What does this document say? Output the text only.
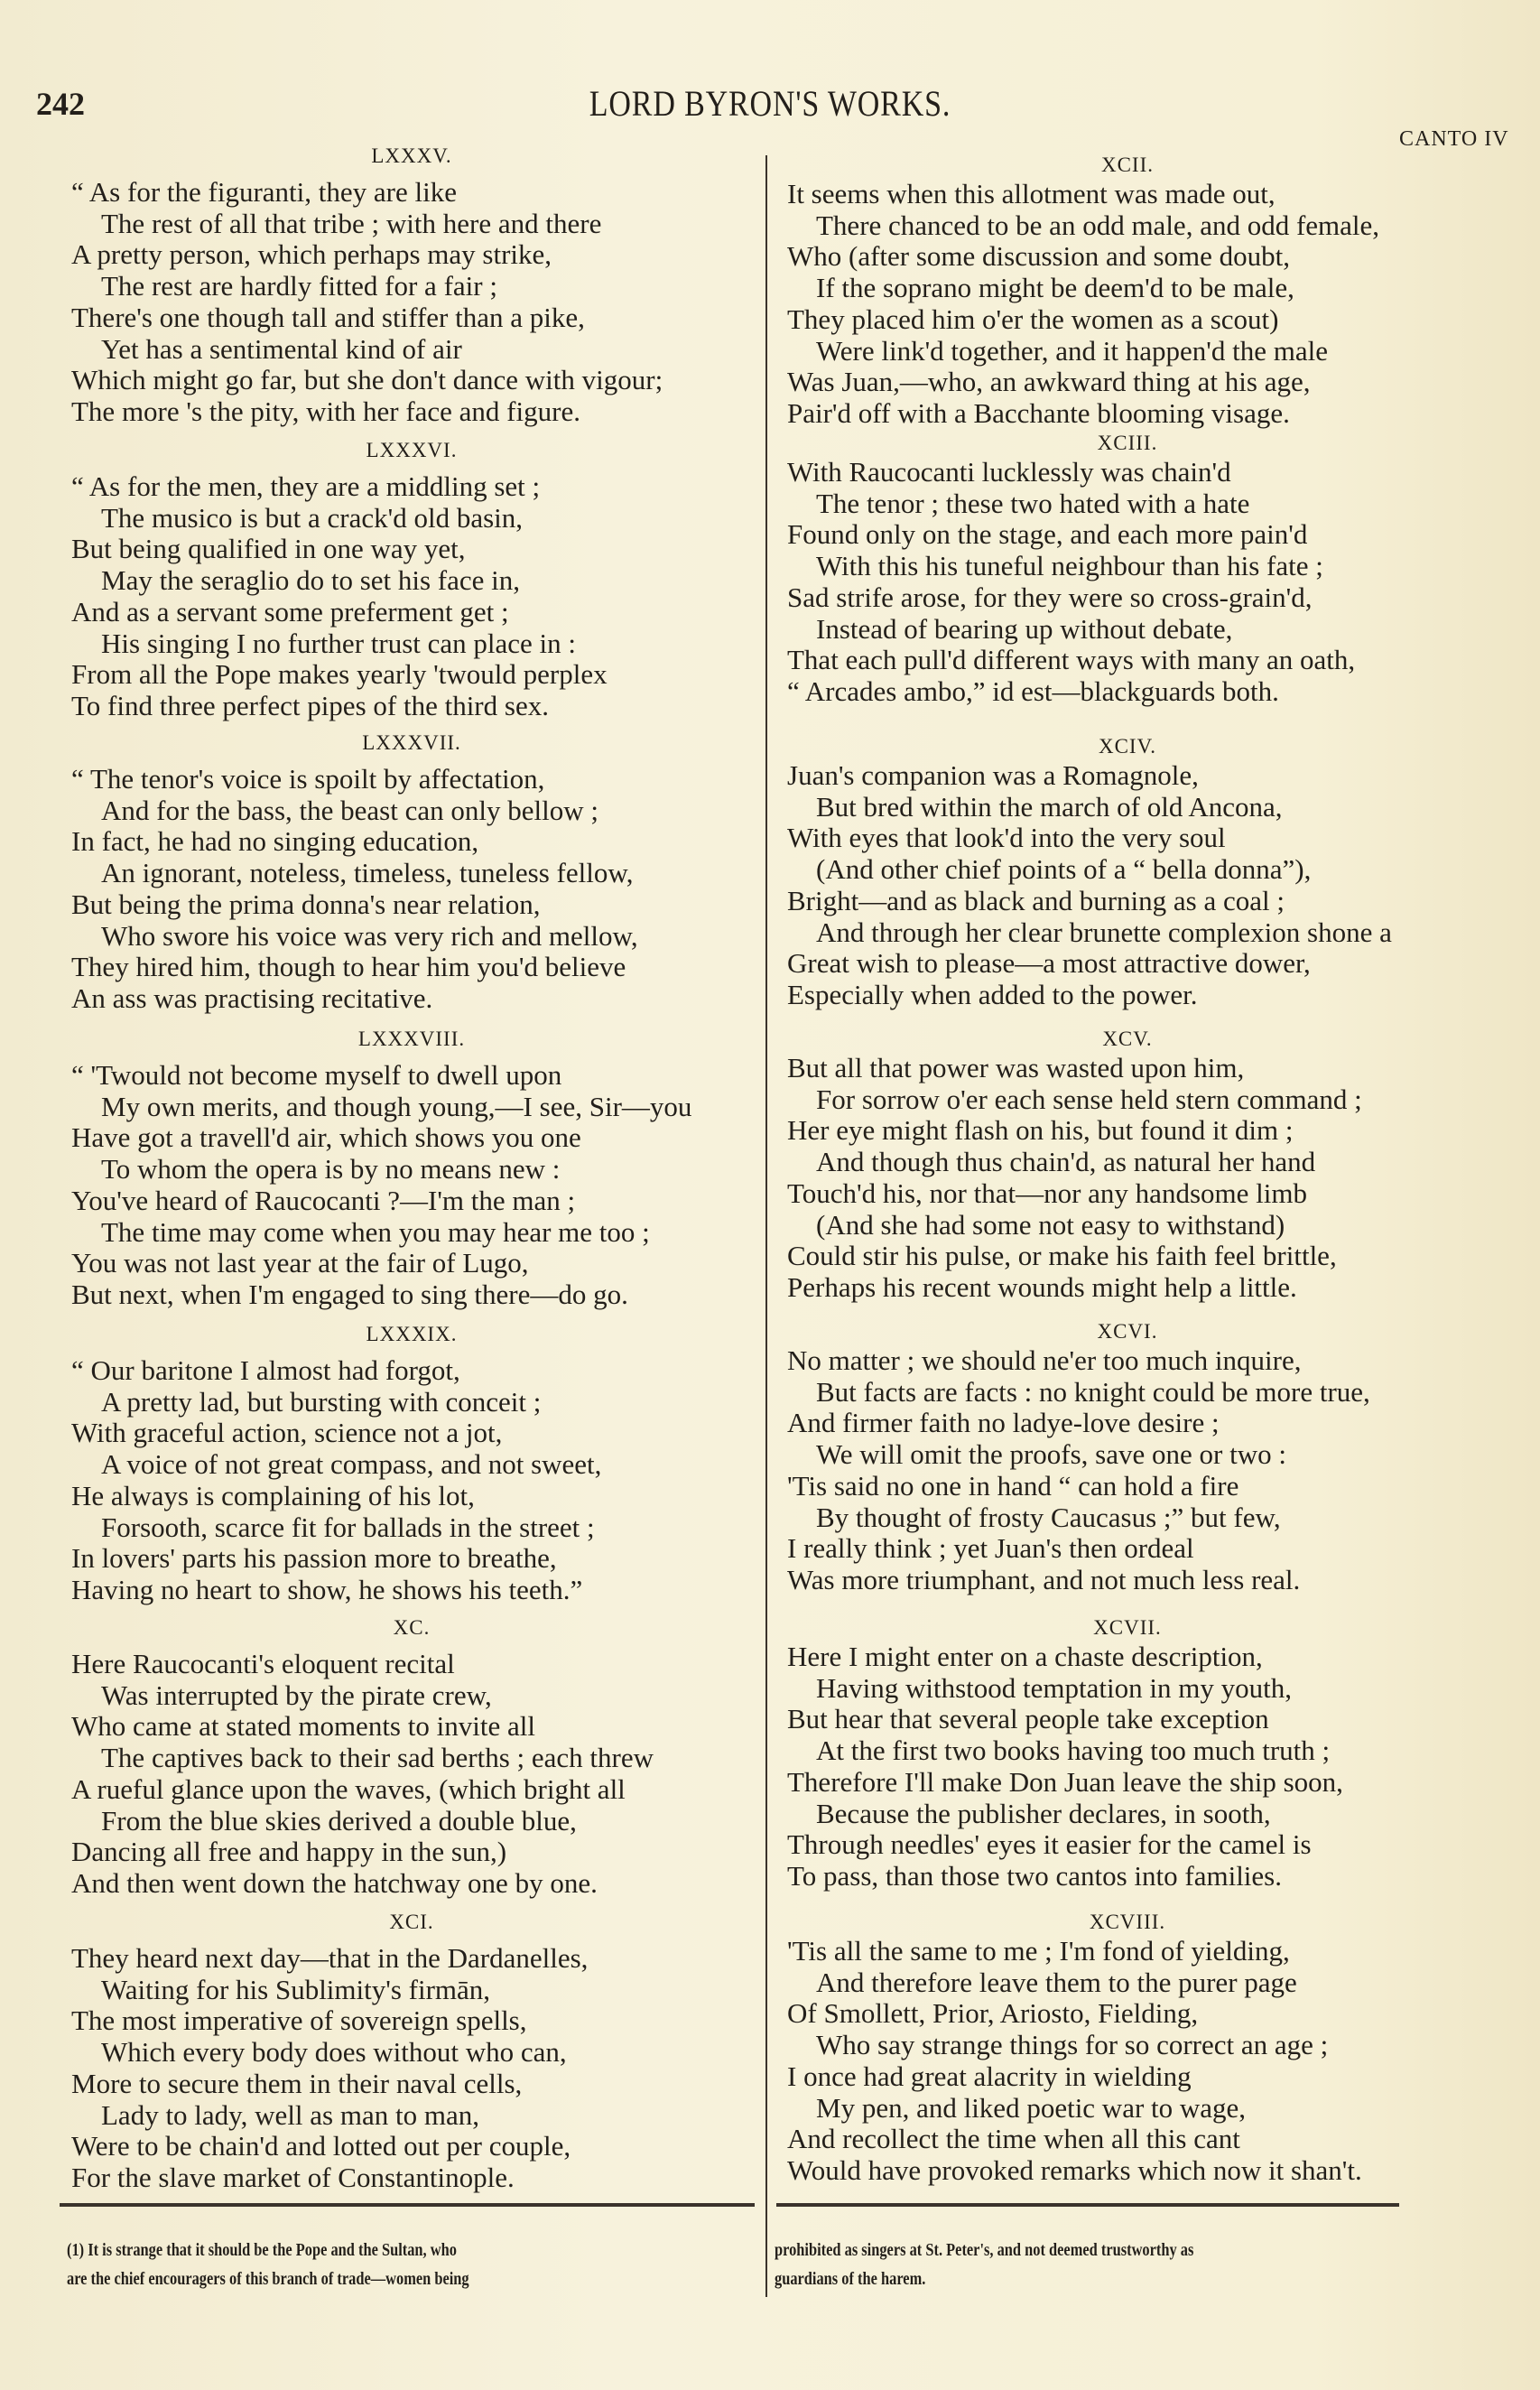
242	LORD BYRON'S WORKS.
CANTO IV
LXXXV.
“ As for the figuranti, they are like
The rest of all that tribe ; with here and there
A pretty person, which perhaps may strike,
The rest are hardly fitted for a fair ;
There's one though tall and stiffer than a pike,
Yet has a sentimental kind of air
Which might go far, but she don't dance with vigour;
The more 's the pity, with her face and figure.
LXXXVI.
“ As for the men, they are a middling set ;
The musico is but a crack'd old basin,
But being qualified in one way yet,
May the seraglio do to set his face in,
And as a servant some preferment get ;
His singing I no further trust can place in :
From all the Pope makes yearly 'twould perplex
To find three perfect pipes of the third sex.
LXXXVII.
“ The tenor's voice is spoilt by affectation,
And for the bass, the beast can only bellow ;
In fact, he had no singing education,
An ignorant, noteless, timeless, tuneless fellow,
But being the prima donna's near relation,
Who swore his voice was very rich and mellow,
They hired him, though to hear him you'd believe
An ass was practising recitative.
LXXXVIII.
“ 'Twould not become myself to dwell upon
My own merits, and though young,—I see, Sir—you
Have got a travell'd air, which shows you one
To whom the opera is by no means new :
You've heard of Raucocanti ?—I'm the man ;
The time may come when you may hear me too ;
You was not last year at the fair of Lugo,
But next, when I'm engaged to sing there—do go.
LXXXIX.
“ Our baritone I almost had forgot,
A pretty lad, but bursting with conceit ;
With graceful action, science not a jot,
A voice of not great compass, and not sweet,
He always is complaining of his lot,
Forsooth, scarce fit for ballads in the street ;
In lovers' parts his passion more to breathe,
Having no heart to show, he shows his teeth.”
XC.
Here Raucocanti's eloquent recital
Was interrupted by the pirate crew,
Who came at stated moments to invite all
The captives back to their sad berths ; each threw
A rueful glance upon the waves, (which bright all
From the blue skies derived a double blue,
Dancing all free and happy in the sun,)
And then went down the hatchway one by one.
XCI.
They heard next day—that in the Dardanelles,
Waiting for his Sublimity's firmān,
The most imperative of sovereign spells,
Which every body does without who can,
More to secure them in their naval cells,
Lady to lady, well as man to man,
Were to be chain'd and lotted out per couple,
For the slave market of Constantinople.
XCII.
It seems when this allotment was made out,
There chanced to be an odd male, and odd female,
Who (after some discussion and some doubt,
If the soprano might be deem'd to be male,
They placed him o'er the women as a scout)
Were link'd together, and it happen'd the male
Was Juan,—who, an awkward thing at his age,
Pair'd off with a Bacchante blooming visage.
XCIII.
With Raucocanti lucklessly was chain'd
The tenor ; these two hated with a hate
Found only on the stage, and each more pain'd
With this his tuneful neighbour than his fate ;
Sad strife arose, for they were so cross-grain'd,
Instead of bearing up without debate,
That each pull'd different ways with many an oath,
“ Arcades ambo,” id est—blackguards both.
XCIV.
Juan's companion was a Romagnole,
But bred within the march of old Ancona,
With eyes that look'd into the very soul
(And other chief points of a “ bella donna”),
Bright—and as black and burning as a coal ;
And through her clear brunette complexion shone a
Great wish to please—a most attractive dower,
Especially when added to the power.
XCV.
But all that power was wasted upon him,
For sorrow o'er each sense held stern command ;
Her eye might flash on his, but found it dim ;
And though thus chain'd, as natural her hand
Touch'd his, nor that—nor any handsome limb
(And she had some not easy to withstand)
Could stir his pulse, or make his faith feel brittle,
Perhaps his recent wounds might help a little.
XCVI.
No matter ; we should ne'er too much inquire,
But facts are facts : no knight could be more true,
And firmer faith no ladye-love desire ;
We will omit the proofs, save one or two :
'Tis said no one in hand “ can hold a fire
By thought of frosty Caucasus ;” but few,
I really think ; yet Juan's then ordeal
Was more triumphant, and not much less real.
XCVII.
Here I might enter on a chaste description,
Having withstood temptation in my youth,
But hear that several people take exception
At the first two books having too much truth ;
Therefore I'll make Don Juan leave the ship soon,
Because the publisher declares, in sooth,
Through needles' eyes it easier for the camel is
To pass, than those two cantos into families.
XCVIII.
'Tis all the same to me ; I'm fond of yielding,
And therefore leave them to the purer page
Of Smollett, Prior, Ariosto, Fielding,
Who say strange things for so correct an age ;
I once had great alacrity in wielding
My pen, and liked poetic war to wage,
And recollect the time when all this cant
Would have provoked remarks which now it shan't.
(1) It is strange that it should be the Pope and the Sultan, who
are the chief encouragers of this branch of trade—women being
prohibited as singers at St. Peter's, and not deemed trustworthy as
guardians of the harem.
